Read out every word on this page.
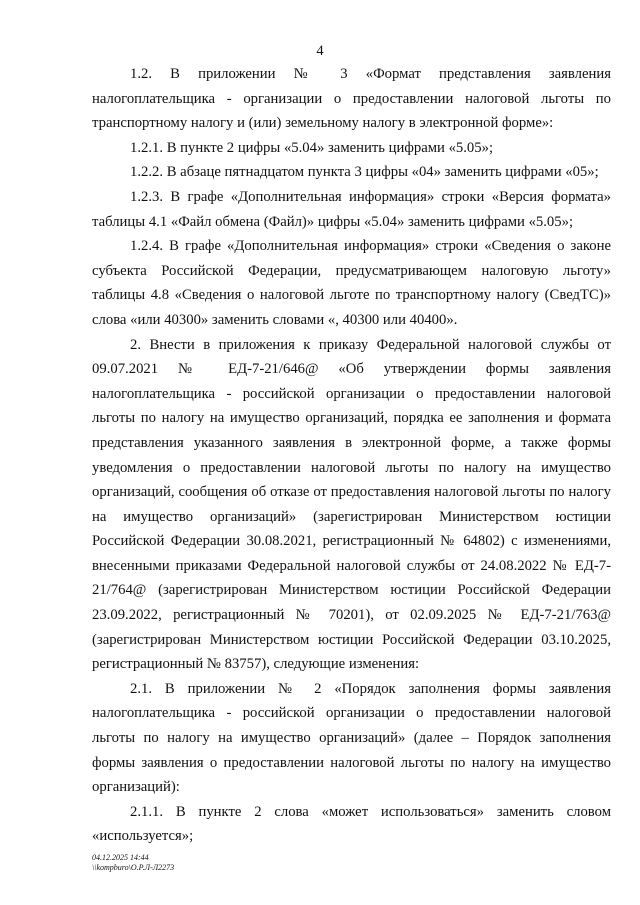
4

1.2. В приложении № 3 «Формат представления заявления налогоплательщика - организации о предоставлении налоговой льготы по транспортному налогу и (или) земельному налогу в электронной форме»:

1.2.1. В пункте 2 цифры «5.04» заменить цифрами «5.05»;

1.2.2. В абзаце пятнадцатом пункта 3 цифры «04» заменить цифрами «05»;

1.2.3. В графе «Дополнительная информация» строки «Версия формата» таблицы 4.1 «Файл обмена (Файл)» цифры «5.04» заменить цифрами «5.05»;

1.2.4. В графе «Дополнительная информация» строки «Сведения о законе субъекта Российской Федерации, предусматривающем налоговую льготу» таблицы 4.8 «Сведения о налоговой льготе по транспортному налогу (СведТС)» слова «или 40300» заменить словами «, 40300 или 40400».

2. Внести в приложения к приказу Федеральной налоговой службы от 09.07.2021 № ЕД-7-21/646@ «Об утверждении формы заявления налогоплательщика - российской организации о предоставлении налоговой льготы по налогу на имущество организаций, порядка ее заполнения и формата представления указанного заявления в электронной форме, а также формы уведомления о предоставлении налоговой льготы по налогу на имущество организаций, сообщения об отказе от предоставления налоговой льготы по налогу на имущество организаций» (зарегистрирован Министерством юстиции Российской Федерации 30.08.2021, регистрационный № 64802) с изменениями, внесенными приказами Федеральной налоговой службы от 24.08.2022 № ЕД-7-21/764@ (зарегистрирован Министерством юстиции Российской Федерации 23.09.2022, регистрационный № 70201), от 02.09.2025 № ЕД-7-21/763@ (зарегистрирован Министерством юстиции Российской Федерации 03.10.2025, регистрационный № 83757), следующие изменения:

2.1. В приложении № 2 «Порядок заполнения формы заявления налогоплательщика - российской организации о предоставлении налоговой льготы по налогу на имущество организаций» (далее – Порядок заполнения формы заявления о предоставлении налоговой льготы по налогу на имущество организаций):

2.1.1. В пункте 2 слова «может использоваться» заменить словом «используется»;

04.12.2025 14:44
\\kompburo\О.Р.Л-Л2273
